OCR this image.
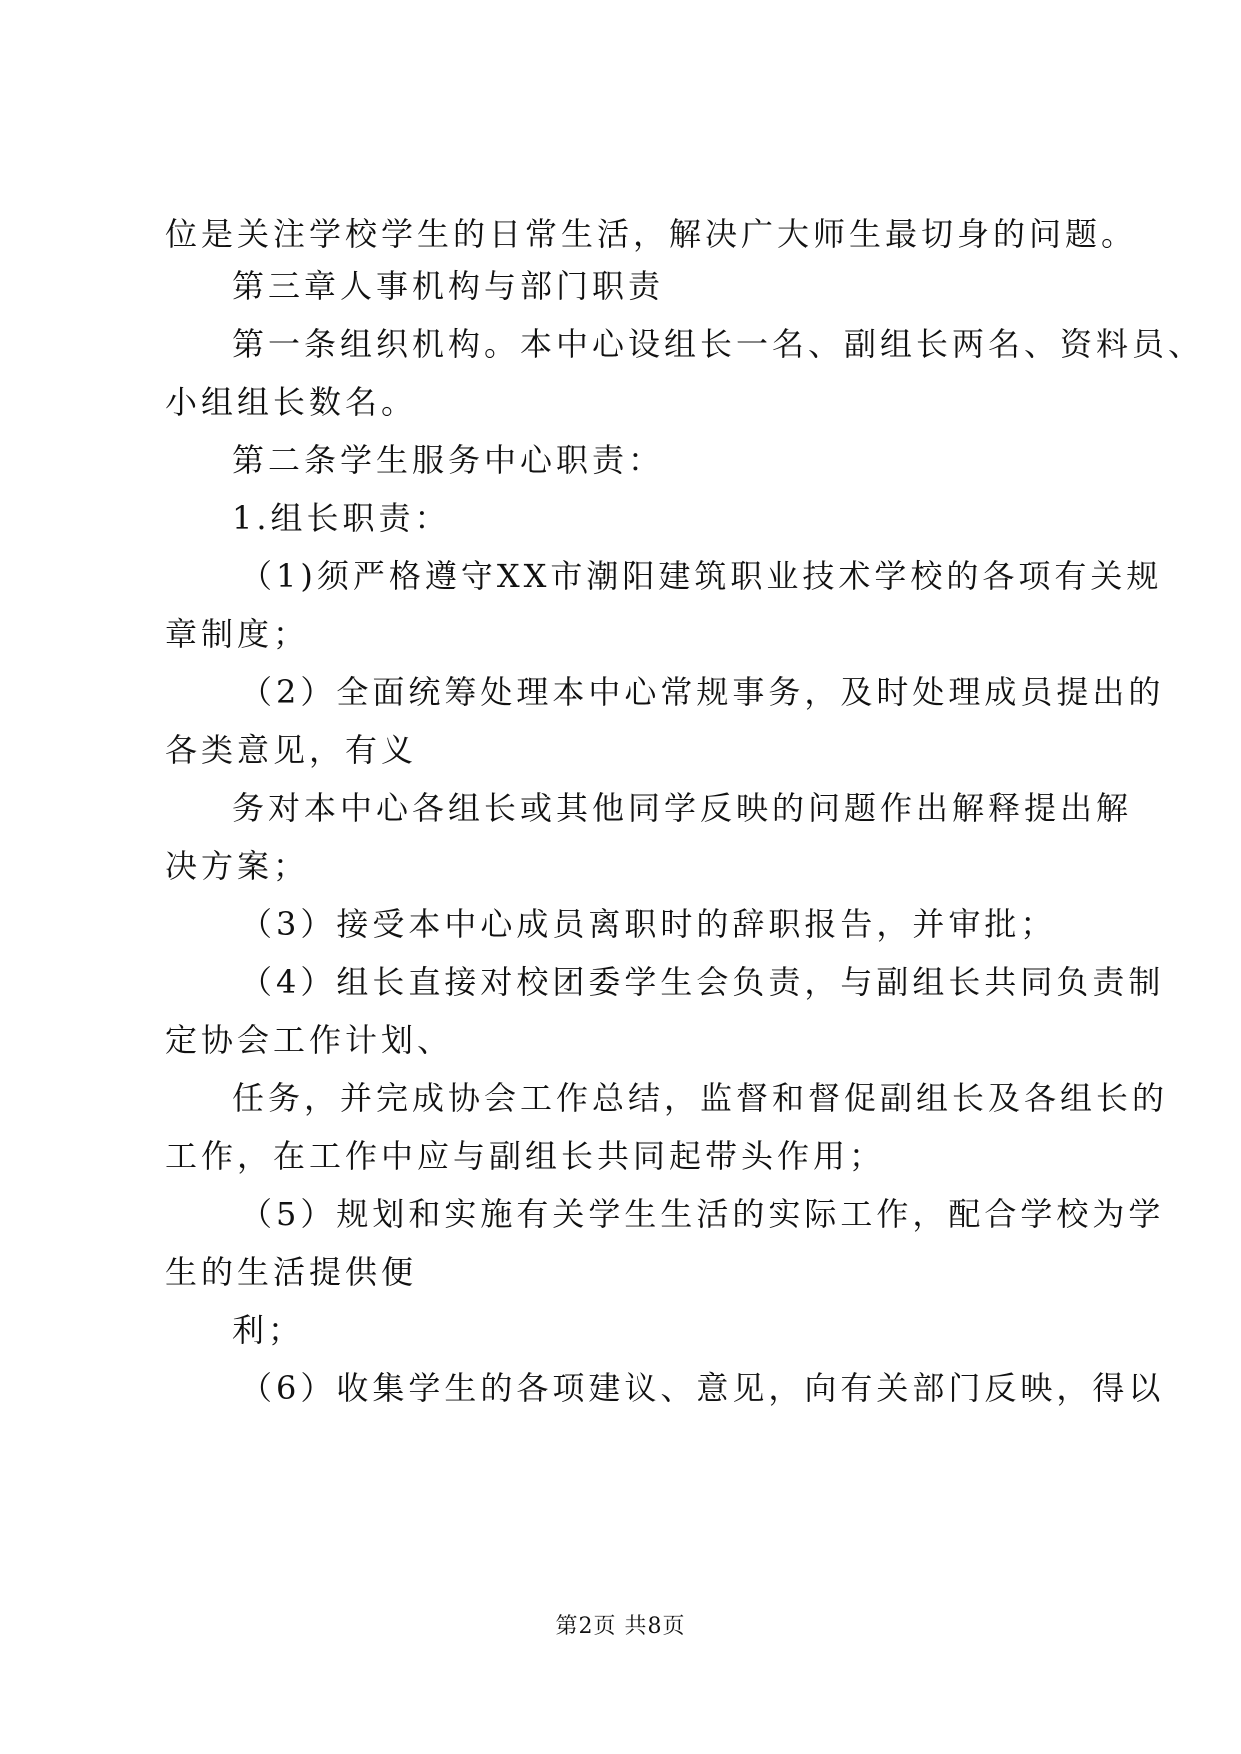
位是关注学校学生的日常生活，解决广大师生最切身的问题。
第三章人事机构与部门职责
第一条组织机构。本中心设组长一名、副组长两名、资料员、
小组组长数名。
第二条学生服务中心职责：
1.组长职责：
（1)须严格遵守XX市潮阳建筑职业技术学校的各项有关规
章制度；
（2）全面统筹处理本中心常规事务，及时处理成员提出的
各类意见，有义
务对本中心各组长或其他同学反映的问题作出解释提出解
决方案；
（3）接受本中心成员离职时的辞职报告，并审批；
（4）组长直接对校团委学生会负责，与副组长共同负责制
定协会工作计划、
任务，并完成协会工作总结，监督和督促副组长及各组长的
工作，在工作中应与副组长共同起带头作用；
（5）规划和实施有关学生生活的实际工作，配合学校为学
生的生活提供便
利；
（6）收集学生的各项建议、意见，向有关部门反映，得以
第2页 共8页
